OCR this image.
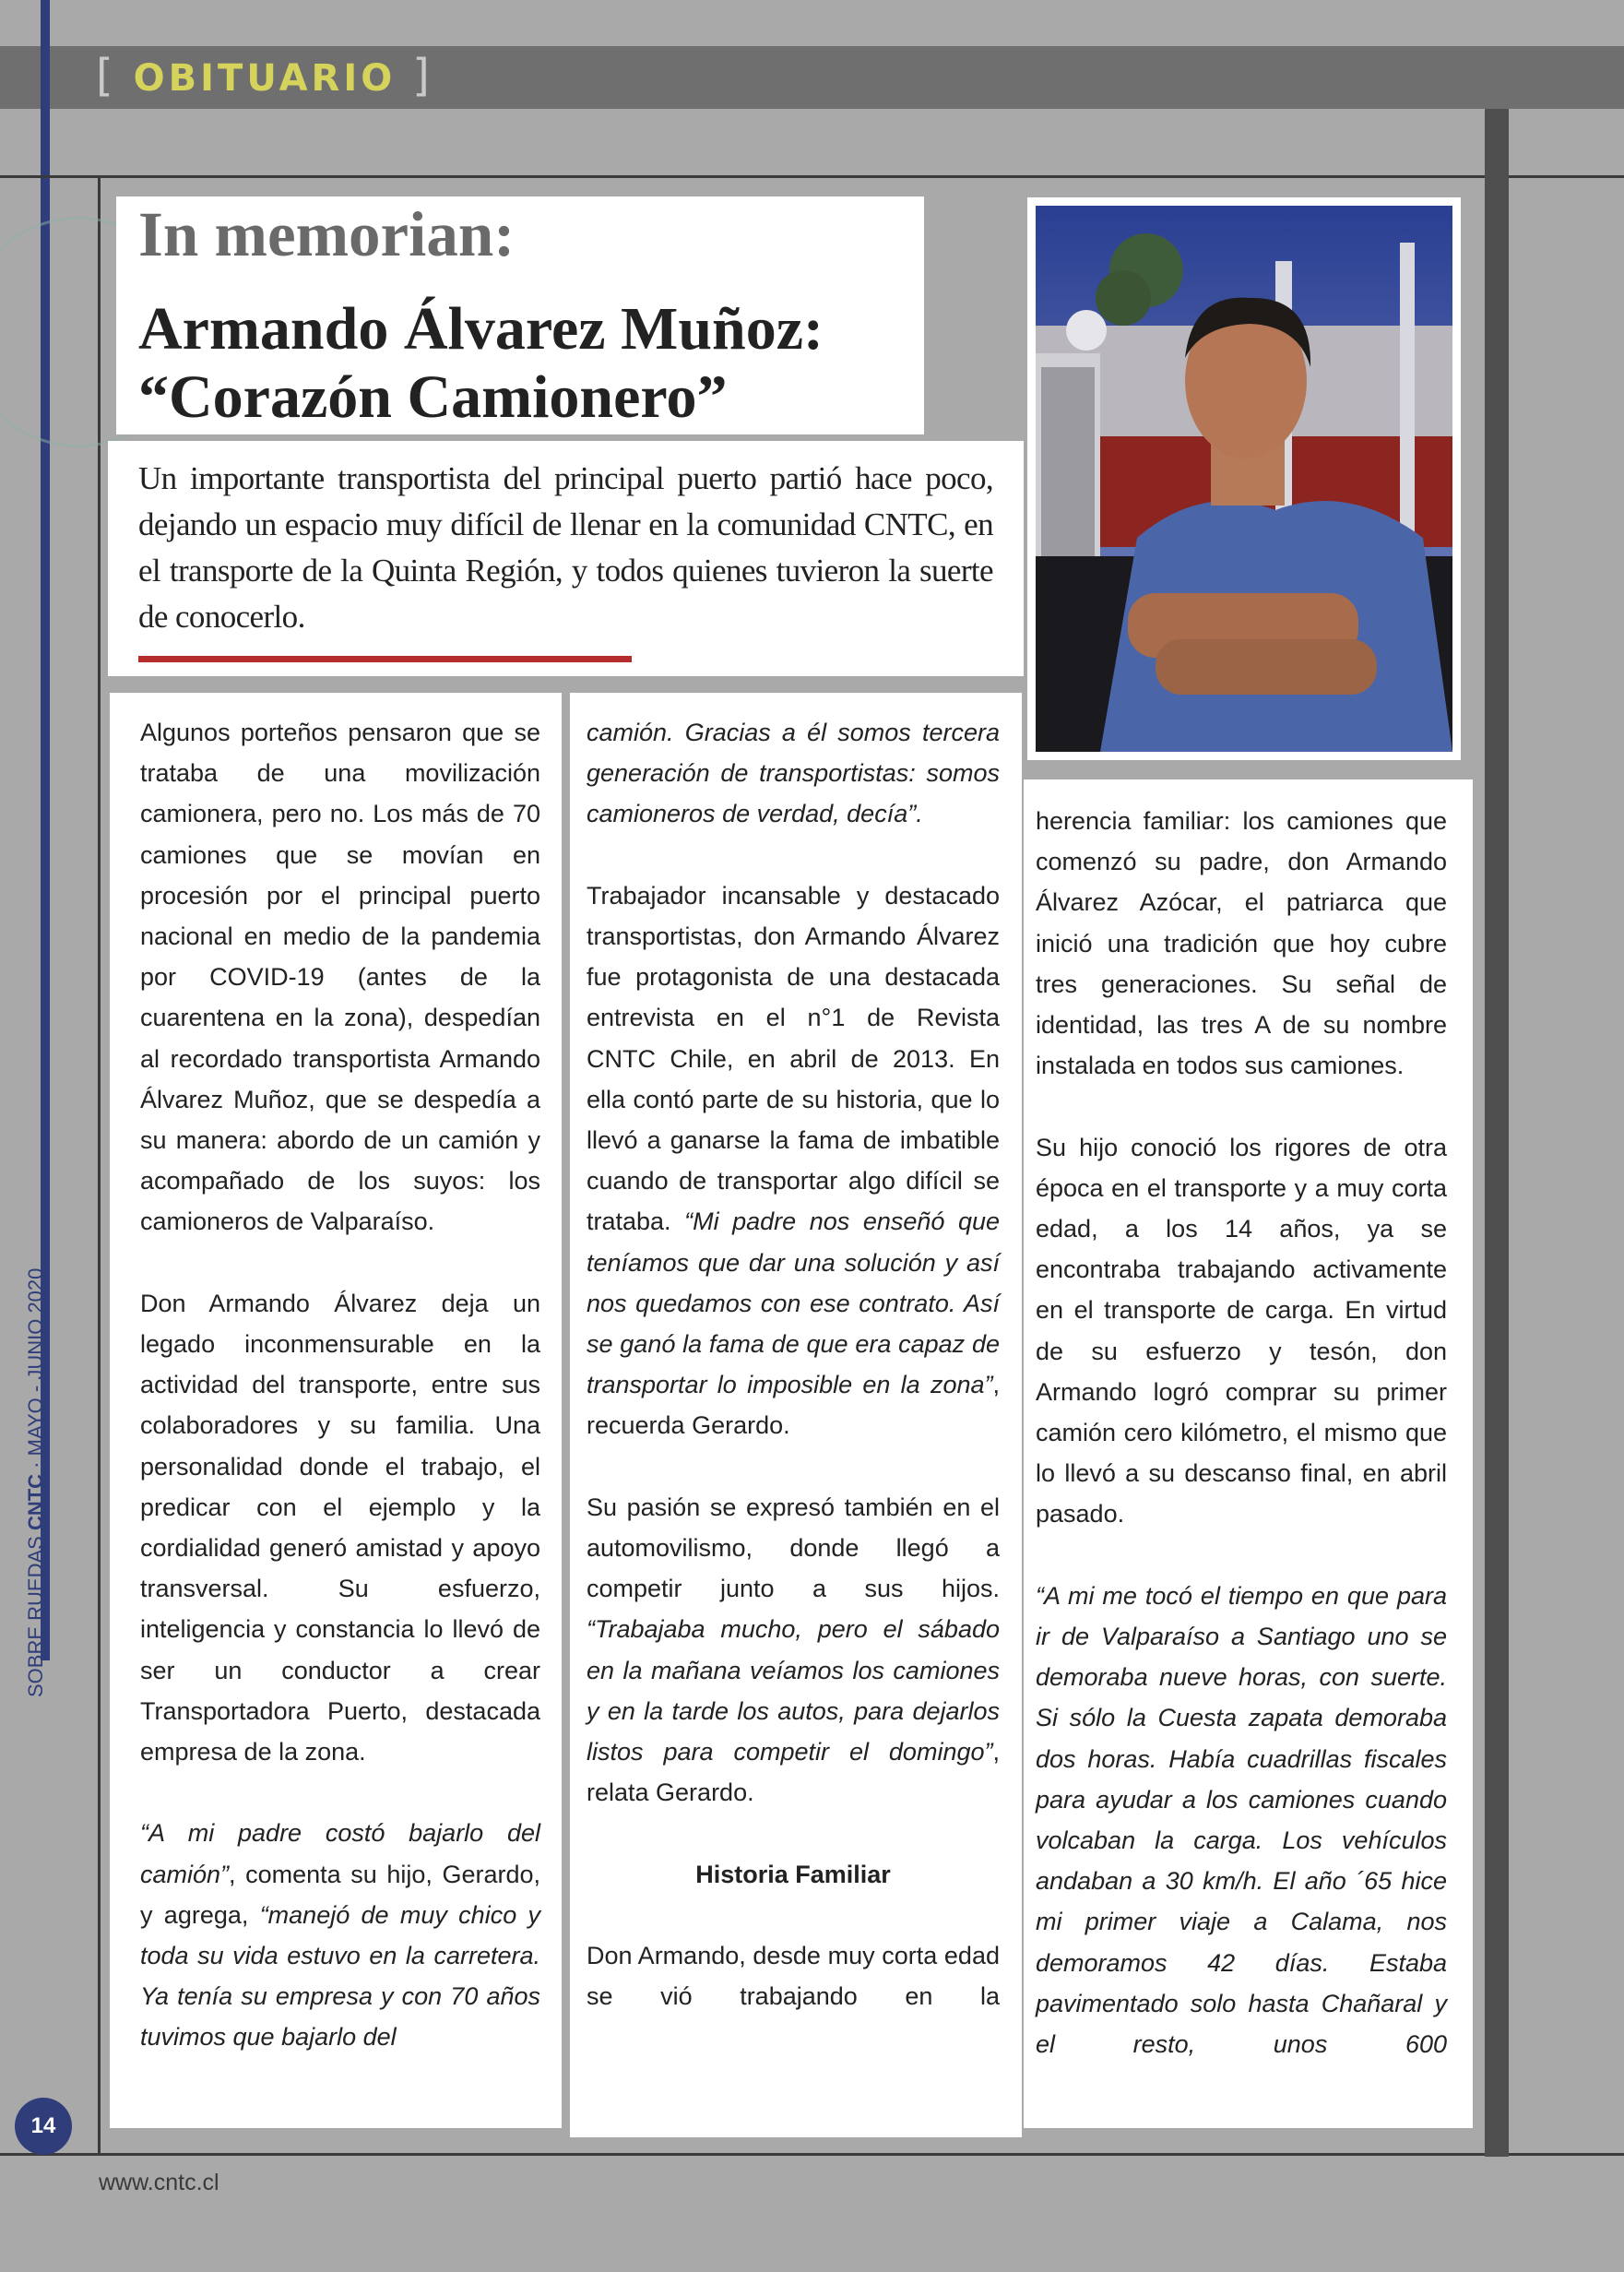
[ OBITUARIO ]
In memorian:
Armando Álvarez Muñoz:
“Corazón Camionero”
Un importante transportista del principal puerto partió hace poco, dejando un espacio muy difícil de llenar en la comunidad CNTC, en el transporte de la Quinta Región, y todos quienes tuvieron la suerte de conocerlo.

Algunos porteños pensaron que se trataba de una movilización camionera, pero no. Los más de 70 camiones que se movían en procesión por el principal puerto nacional en medio de la pandemia por COVID-19 (antes de la cuarentena en la zona), despedían al recordado transportista Armando Álvarez Muñoz, que se despedía a su manera: abordo de un camión y acompañado de los suyos: los camioneros de Valparaíso.

Don Armando Álvarez deja un legado inconmensurable en la actividad del transporte, entre sus colaboradores y su familia. Una personalidad donde el trabajo, el predicar con el ejemplo y la cordialidad generó amistad y apoyo transversal. Su esfuerzo, inteligencia y constancia lo llevó de ser un conductor a crear Transportadora Puerto, destacada empresa de la zona.

“A mi padre costó bajarlo del camión”, comenta su hijo, Gerardo, y agrega, “manejó de muy chico y toda su vida estuvo en la carretera. Ya tenía su empresa y con 70 años tuvimos que bajarlo del

camión. Gracias a él somos tercera generación de transportistas: somos camioneros de verdad, decía”.

Trabajador incansable y destacado transportistas, don Armando Álvarez fue protagonista de una destacada entrevista en el n°1 de Revista CNTC Chile, en abril de 2013. En ella contó parte de su historia, que lo llevó a ganarse la fama de imbatible cuando de transportar algo difícil se trataba. “Mi padre nos enseñó que teníamos que dar una solución y así nos quedamos con ese contrato. Así se ganó la fama de que era capaz de transportar lo imposible en la zona”, recuerda Gerardo.

Su pasión se expresó también en el automovilismo, donde llegó a competir junto a sus hijos. “Trabajaba mucho, pero el sábado en la mañana veíamos los camiones y en la tarde los autos, para dejarlos listos para competir el domingo”, relata Gerardo.

Historia Familiar

Don Armando, desde muy corta edad se vió trabajando en la

herencia familiar: los camiones que comenzó su padre, don Armando Álvarez Azócar, el patriarca que inició una tradición que hoy cubre tres generaciones. Su señal de identidad, las tres A de su nombre instalada en todos sus camiones.

Su hijo conoció los rigores de otra época en el transporte y a muy corta edad, a los 14 años, ya se encontraba trabajando activamente en el transporte de carga. En virtud de su esfuerzo y tesón, don Armando logró comprar su primer camión cero kilómetro, el mismo que lo llevó a su descanso final, en abril pasado.

“A mi me tocó el tiempo en que para ir de Valparaíso a Santiago uno se demoraba nueve horas, con suerte. Si sólo la Cuesta zapata demoraba dos horas. Había cuadrillas fiscales para ayudar a los camiones cuando volcaban la carga. Los vehículos andaban a 30 km/h. El año ´65 hice mi primer viaje a Calama, nos demoramos 42 días. Estaba pavimentado solo hasta Chañaral y el resto, unos 600

SOBRE RUEDAS CNTC · MAYO - JUNIO 2020
14
www.cntc.cl
